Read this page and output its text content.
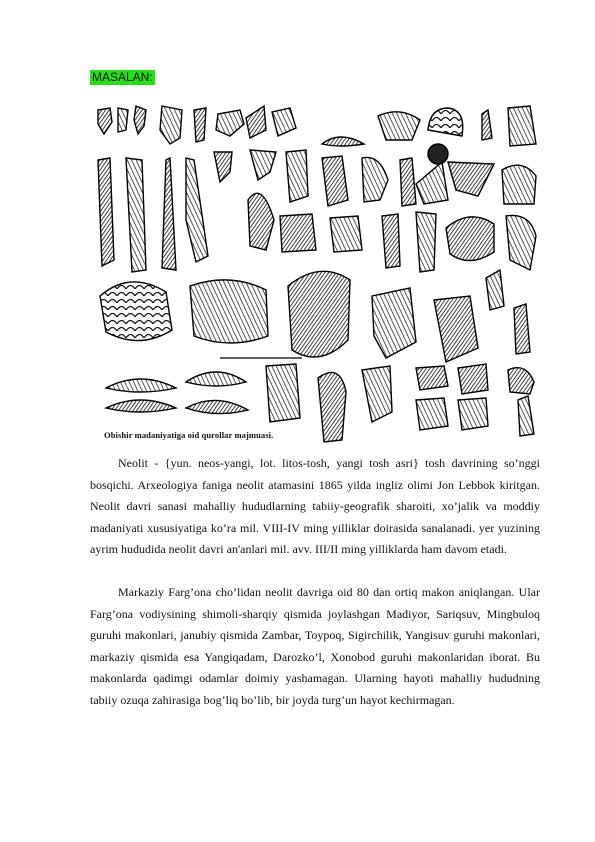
MASALAN:
Obishir madaniyatiga oid qurollar majmuasi.

Neolit - {yun. neos-yangi, lot. litos-tosh, yangi tosh asri} tosh davrining so’nggi bosqichi. Arxeologiya faniga neolit atamasini 1865 yilda ingliz olimi Jon Lebbok kiritgan. Neolit davri sanasi mahalliy hududlarning tabiiy-geografik sharoiti, xo’jalik va moddiy madaniyati xususiyatiga ko’ra mil. VIII-IV ming yilliklar doirasida sanalanadi. yer yuzining ayrim hududida neolit davri an'anlari mil. avv. III/II ming yilliklarda ham davom etadi.

Markaziy Farg’ona cho’lidan neolit davriga oid 80 dan ortiq makon aniqlangan. Ular Farg’ona vodiysining shimoli-sharqiy qismida joylashgan Madiyor, Sariqsuv, Mingbuloq guruhi makonlari, janubiy qismida Zambar, Toypoq, Sigirchilik, Yangisuv guruhi makonlari, markaziy qismida esa Yangiqadam, Darozko’l, Xonobod guruhi makonlaridan iborat. Bu makonlarda qadimgi odamlar doimiy yashamagan. Ularning hayoti mahalliy hududning tabiiy ozuqa zahirasiga bog’liq bo’lib, bir joyda turg’un hayot kechirmagan.
